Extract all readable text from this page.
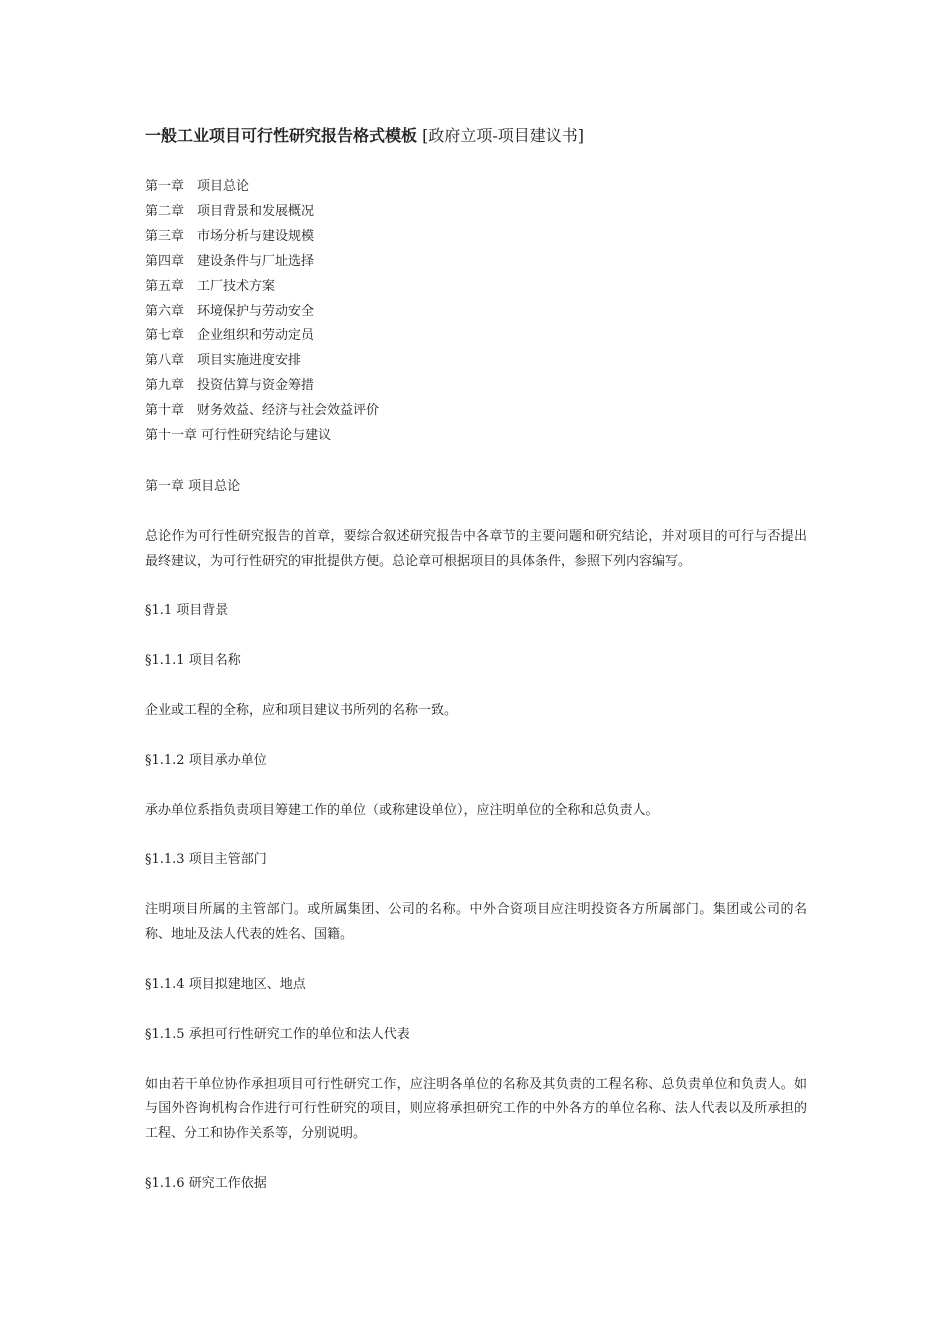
一般工业项目可行性研究报告格式模板 [政府立项-项目建议书]
第一章　项目总论
第二章　项目背景和发展概况
第三章　市场分析与建设规模
第四章　建设条件与厂址选择
第五章　工厂技术方案
第六章　环境保护与劳动安全
第七章　企业组织和劳动定员
第八章　项目实施进度安排
第九章　投资估算与资金筹措
第十章　财务效益、经济与社会效益评价
第十一章 可行性研究结论与建议

第一章 项目总论

总论作为可行性研究报告的首章，要综合叙述研究报告中各章节的主要问题和研究结论，并对项目的可行与否提出最终建议，为可行性研究的审批提供方便。总论章可根据项目的具体条件，参照下列内容编写。

§1.1 项目背景

§1.1.1 项目名称

企业或工程的全称，应和项目建议书所列的名称一致。

§1.1.2 项目承办单位

承办单位系指负责项目筹建工作的单位（或称建设单位），应注明单位的全称和总负责人。

§1.1.3 项目主管部门

注明项目所属的主管部门。或所属集团、公司的名称。中外合资项目应注明投资各方所属部门。集团或公司的名称、地址及法人代表的姓名、国籍。

§1.1.4 项目拟建地区、地点

§1.1.5 承担可行性研究工作的单位和法人代表

如由若干单位协作承担项目可行性研究工作，应注明各单位的名称及其负责的工程名称、总负责单位和负责人。如与国外咨询机构合作进行可行性研究的项目，则应将承担研究工作的中外各方的单位名称、法人代表以及所承担的工程、分工和协作关系等，分别说明。

§1.1.6 研究工作依据
